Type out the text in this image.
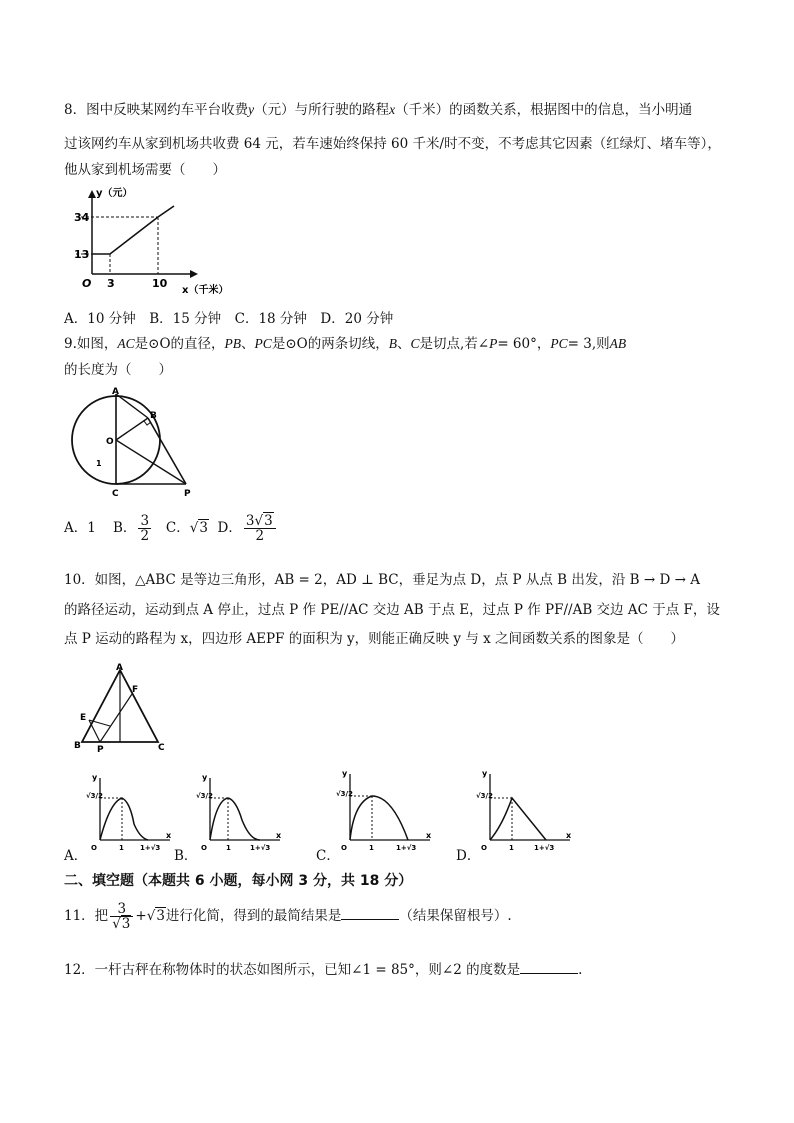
8．图中反映某网约车平台收费y（元）与所行驶的路程x（千米）的函数关系，根据图中的信息，当小明通
过该网约车从家到机场共收费 64 元，若车速始终保持 60 千米/时不变，不考虑其它因素（红绿灯、堵车等），
他从家到机场需要（　　）
y（元）
x（千米）
O
34
13
3	10
A．10 分钟　B．15 分钟　C．18 分钟　D．20 分钟
9.如图，AC是⊙O的直径，PB、PC是⊙O的两条切线，B、C是切点,若∠P= 60°，PC= 3,则AB
的长度为（　　）
A
B
O
C	P
1
A．1 B． $\frac{3}{2}$ C．√3 D． $\frac{3√3}{2}$
10．如图，△ABC 是等边三角形，AB = 2，AD ⊥ BC，垂足为点 D，点 P 从点 B 出发，沿 B → D → A
的路径运动，运动到点 A 停止，过点 P 作 PE//AC 交边 AB 于点 E，过点 P 作 PF//AB 交边 AC 于点 F，设
点 P 运动的路程为 x，四边形 AEPF 的面积为 y，则能正确反映 y 与 x 之间函数关系的图象是（　　）
A
F
E
B P	C
A．	B．	C．	D．
y
√3/2
O	1 1+√3
x
y
√3/2
O	1	1+√3
x
y
√3/2
O	1	1+√3
x
y
√3/2
O	1	1+√3
x
二、填空题（本题共 6 小题，每小网 3 分，共 18 分）
11．把 $\frac{3}{√3} +√3$进行化简，得到的最简结果是	（结果保留根号）.
12．一杆古秤在称物体时的状态如图所示，已知∠1 = 85°，则∠2 的度数是	.
